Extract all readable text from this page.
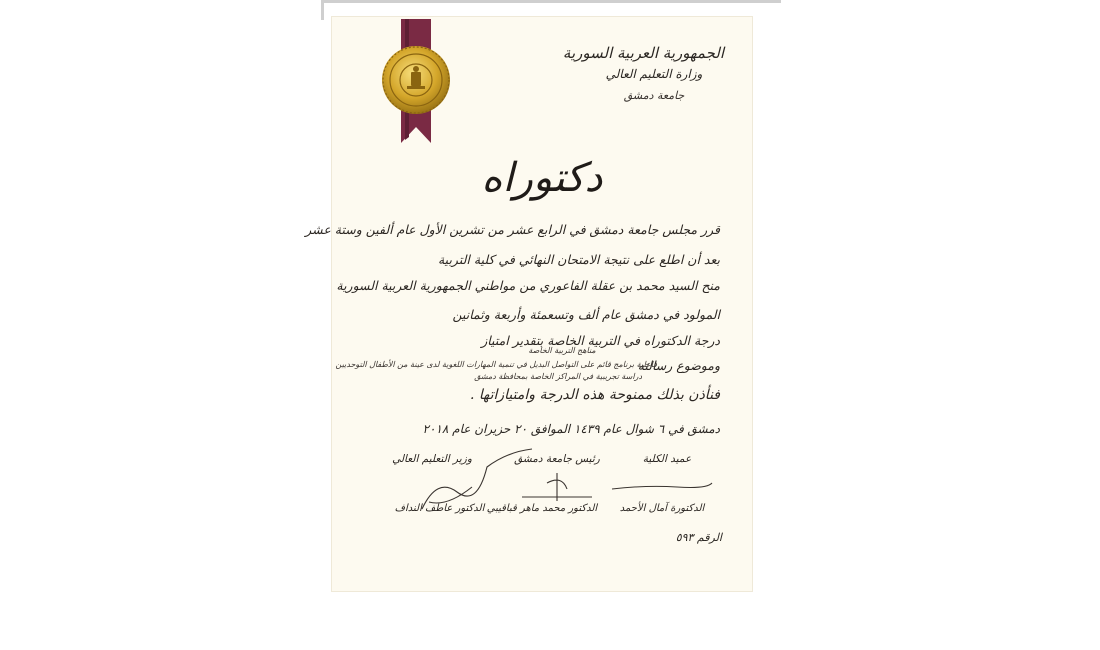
الجمهورية العربية السورية
وزارة التعليم العالي
جامعة دمشق
دكتوراه
قرر مجلس جامعة دمشق في الرابع عشر من تشرين الأول عام ألفين وستة عشر
بعد أن اطلع على نتيجة الامتحان النهائي في كلية التربية
منح السيد محمد بن عقلة الفاعوري من مواطني الجمهورية العربية السورية
المولود في دمشق عام ألف وتسعمئة وأربعة وثمانين
درجة الدكتوراه في التربية الخاصة بتقدير امتياز
مناهج التربية الخاصة
وموضوع رسالته
فاعلية برنامج قائم على التواصل البديل في تنمية المهارات اللغوية لدى عينة من الأطفال التوحديين
دراسة تجريبية في المراكز الخاصة بمحافظة دمشق
فنأذن بذلك ممنوحة هذه الدرجة وامتيازاتها .
دمشق في ٦ شوال عام ١٤٣٩ الموافق ٢٠ حزيران عام ٢٠١٨
عميد الكلية
رئيس جامعة دمشق
وزير التعليم العالي
الدكتورة آمال الأحمد
الدكتور محمد ماهر قباقيبي
الدكتور عاطف النداف
الرقم ٥٩٣
